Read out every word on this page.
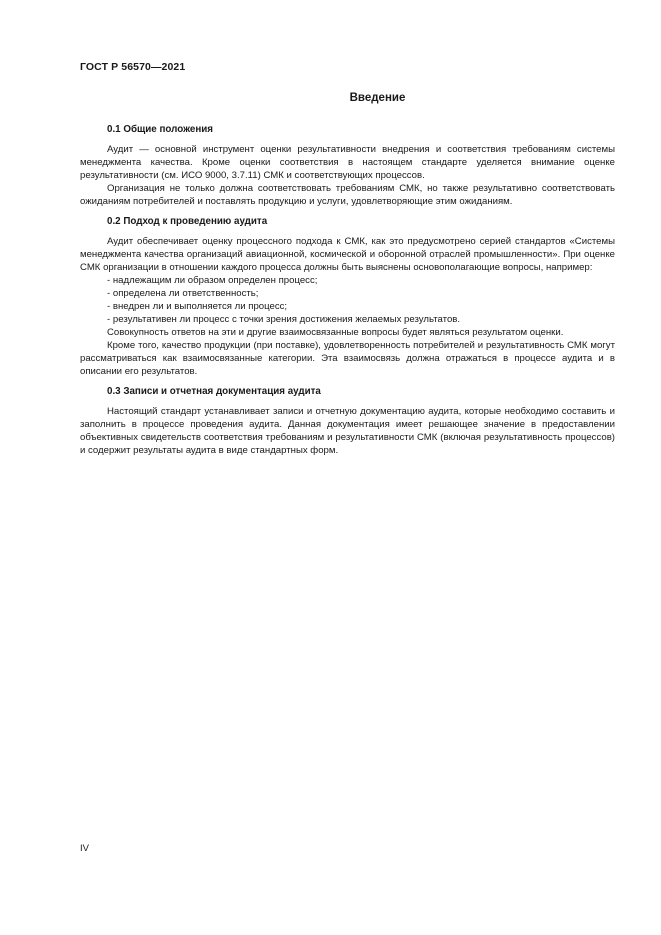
ГОСТ Р 56570—2021
Введение
0.1 Общие положения

Аудит — основной инструмент оценки результативности внедрения и соответствия требованиям системы менеджмента качества. Кроме оценки соответствия в настоящем стандарте уделяется внимание оценке результативности (см. ИСО 9000, 3.7.11) СМК и соответствующих процессов.

Организация не только должна соответствовать требованиям СМК, но также результативно соответствовать ожиданиям потребителей и поставлять продукцию и услуги, удовлетворяющие этим ожиданиям.

0.2 Подход к проведению аудита

Аудит обеспечивает оценку процессного подхода к СМК, как это предусмотрено серией стандартов «Системы менеджмента качества организаций авиационной, космической и оборонной отраслей промышленности». При оценке СМК организации в отношении каждого процесса должны быть выяснены основополагающие вопросы, например:

- надлежащим ли образом определен процесс;

- определена ли ответственность;

- внедрен ли и выполняется ли процесс;

- результативен ли процесс с точки зрения достижения желаемых результатов.

Совокупность ответов на эти и другие взаимосвязанные вопросы будет являться результатом оценки.

Кроме того, качество продукции (при поставке), удовлетворенность потребителей и результативность СМК могут рассматриваться как взаимосвязанные категории. Эта взаимосвязь должна отражаться в процессе аудита и в описании его результатов.

0.3 Записи и отчетная документация аудита

Настоящий стандарт устанавливает записи и отчетную документацию аудита, которые необходимо составить и заполнить в процессе проведения аудита. Данная документация имеет решающее значение в предоставлении объективных свидетельств соответствия требованиям и результативности СМК (включая результативность процессов) и содержит результаты аудита в виде стандартных форм.

IV
